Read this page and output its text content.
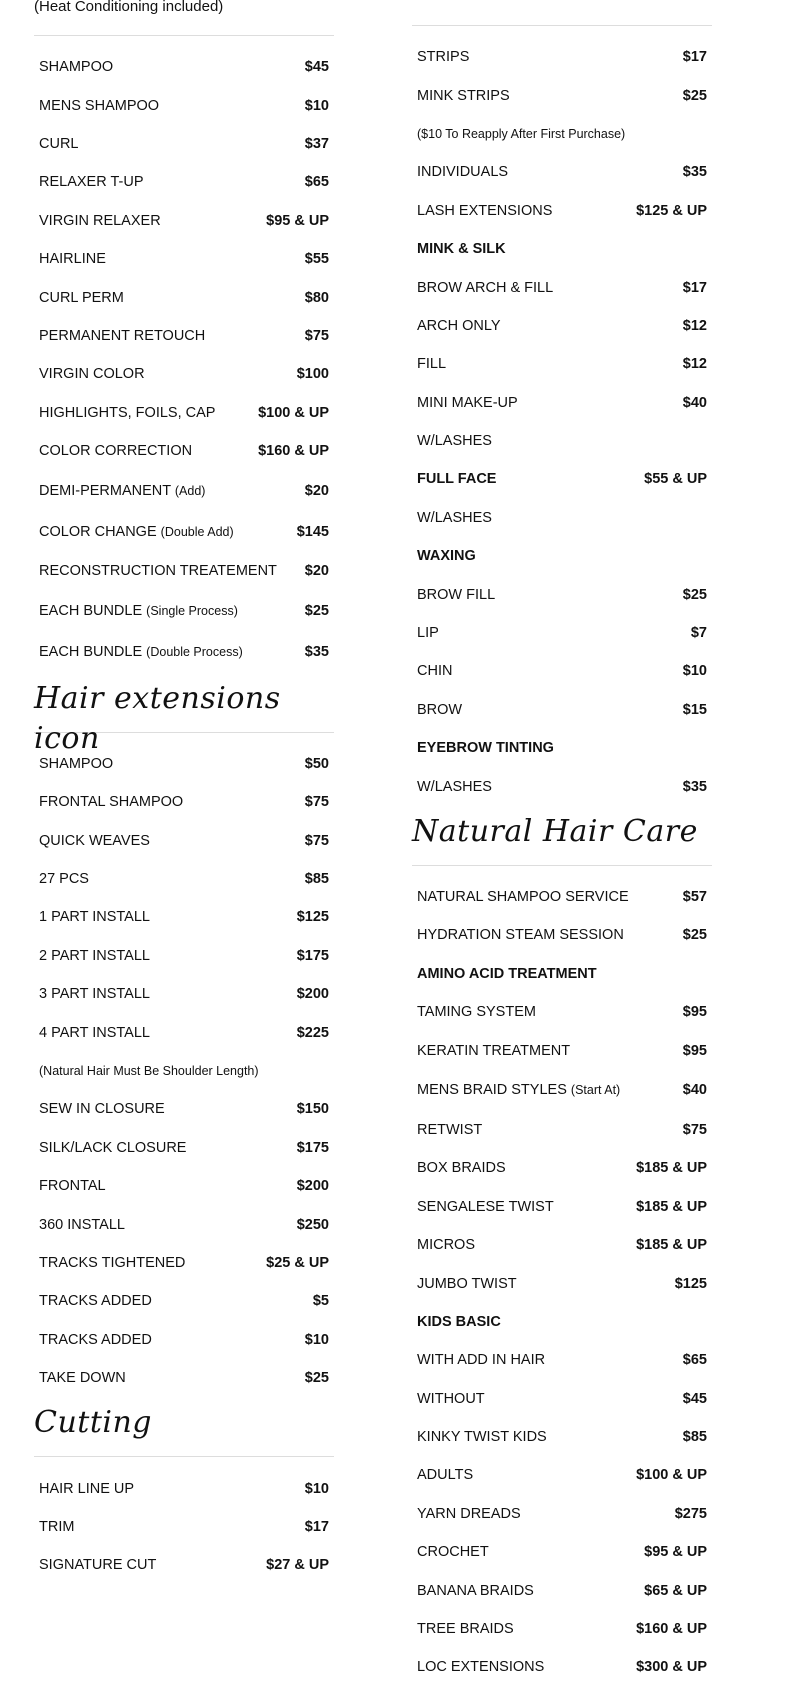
(Heat Conditioning included)
SHAMPOO	$45
MENS SHAMPOO	$10
CURL	$37
RELAXER T-UP	$65
VIRGIN RELAXER	$95 & UP
HAIRLINE	$55
CURL PERM	$80
PERMANENT RETOUCH	$75
VIRGIN COLOR	$100
HIGHLIGHTS, FOILS, CAP	$100 & UP
COLOR CORRECTION	$160 & UP
DEMI-PERMANENT (Add)	$20
COLOR CHANGE (Double Add)	$145
RECONSTRUCTION TREATEMENT $20
EACH BUNDLE (Single Process)	$25
EACH BUNDLE (Double Process)	$35
Hair extensions icon
SHAMPOO	$50
FRONTAL SHAMPOO	$75
QUICK WEAVES	$75
27 PCS	$85
1 PART INSTALL	$125
2 PART INSTALL	$175
3 PART INSTALL	$200
4 PART INSTALL	$225
(Natural Hair Must Be Shoulder Length)
SEW IN CLOSURE	$150
SILK/LACK CLOSURE	$175
FRONTAL	$200
360 INSTALL	$250
TRACKS TIGHTENED	$25 & UP
TRACKS ADDED	$5
TRACKS ADDED	$10
TAKE DOWN	$25
Cutting
HAIR LINE UP	$10
TRIM	$17
SIGNATURE CUT	$27 & UP
STRIPS	$17
MINK STRIPS	$25
($10 To Reapply After First Purchase)
INDIVIDUALS	$35
LASH EXTENSIONS	$125 & UP
MINK & SILK
BROW ARCH & FILL	$17
ARCH ONLY	$12
FILL	$12
MINI MAKE-UP	$40
W/LASHES
FULL FACE	$55 & UP
W/LASHES
WAXING
BROW FILL	$25
LIP	$7
CHIN	$10
BROW	$15
EYEBROW TINTING
W/LASHES	$35
Natural Hair Care
NATURAL SHAMPOO SERVICE	$57
HYDRATION STEAM SESSION	$25
AMINO ACID TREATMENT
TAMING SYSTEM	$95
KERATIN TREATMENT	$95
MENS BRAID STYLES (Start At)	$40
RETWIST	$75
BOX BRAIDS	$185 & UP
SENGALESE TWIST	$185 & UP
MICROS	$185 & UP
JUMBO TWIST	$125
KIDS BASIC
WITH ADD IN HAIR	$65
WITHOUT	$45
KINKY TWIST KIDS	$85
ADULTS	$100 & UP
YARN DREADS	$275
CROCHET	$95 & UP
BANANA BRAIDS	$65 & UP
TREE BRAIDS	$160 & UP
LOC EXTENSIONS	$300 & UP
